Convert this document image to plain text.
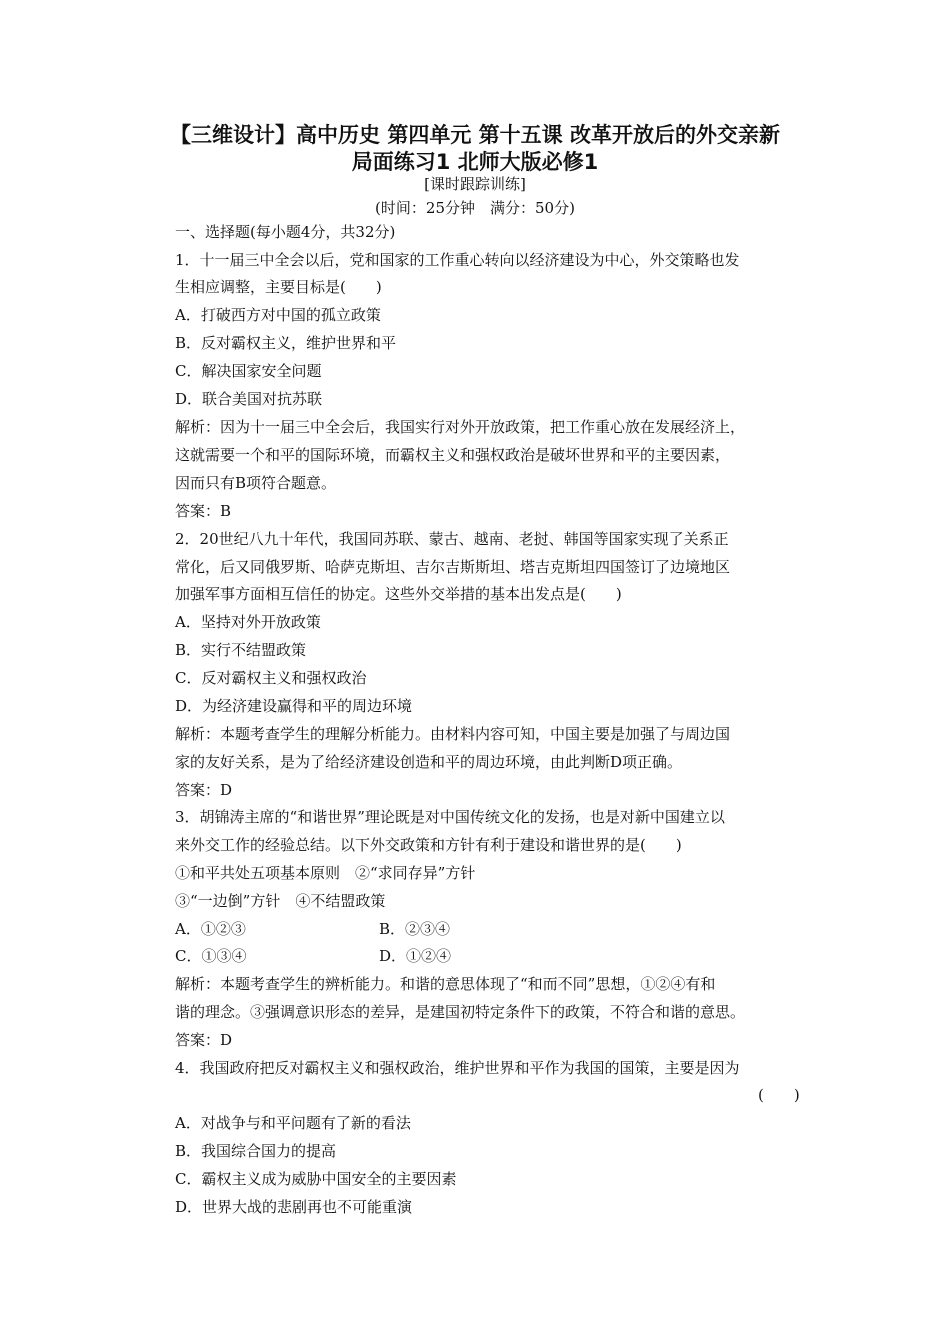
【三维设计】高中历史 第四单元 第十五课 改革开放后的外交亲新
局面练习1 北师大版必修1
[课时跟踪训练]
(时间：25分钟　满分：50分)
一、选择题(每小题4分，共32分)
1．十一届三中全会以后，党和国家的工作重心转向以经济建设为中心，外交策略也发
生相应调整，主要目标是(　　)
A．打破西方对中国的孤立政策
B．反对霸权主义，维护世界和平
C．解决国家安全问题
D．联合美国对抗苏联
解析：因为十一届三中全会后，我国实行对外开放政策，把工作重心放在发展经济上，
这就需要一个和平的国际环境，而霸权主义和强权政治是破坏世界和平的主要因素，
因而只有B项符合题意。
答案：B
2．20世纪八九十年代，我国同苏联、蒙古、越南、老挝、韩国等国家实现了关系正
常化，后又同俄罗斯、哈萨克斯坦、吉尔吉斯斯坦、塔吉克斯坦四国签订了边境地区
加强军事方面相互信任的协定。这些外交举措的基本出发点是(　　)
A．坚持对外开放政策
B．实行不结盟政策
C．反对霸权主义和强权政治
D．为经济建设赢得和平的周边环境
解析：本题考查学生的理解分析能力。由材料内容可知，中国主要是加强了与周边国
家的友好关系，是为了给经济建设创造和平的周边环境，由此判断D项正确。
答案：D
3．胡锦涛主席的“和谐世界”理论既是对中国传统文化的发扬，也是对新中国建立以
来外交工作的经验总结。以下外交政策和方针有利于建设和谐世界的是(　　)
①和平共处五项基本原则　②“求同存异”方针
③“一边倒”方针　④不结盟政策
A．①②③	B．②③④
C．①③④	D．①②④
解析：本题考查学生的辨析能力。和谐的意思体现了“和而不同”思想，①②④有和
谐的理念。③强调意识形态的差异，是建国初特定条件下的政策，不符合和谐的意思。
答案：D
4．我国政府把反对霸权主义和强权政治，维护世界和平作为我国的国策，主要是因为
(　　)
A．对战争与和平问题有了新的看法
B．我国综合国力的提高
C．霸权主义成为威胁中国安全的主要因素
D．世界大战的悲剧再也不可能重演
